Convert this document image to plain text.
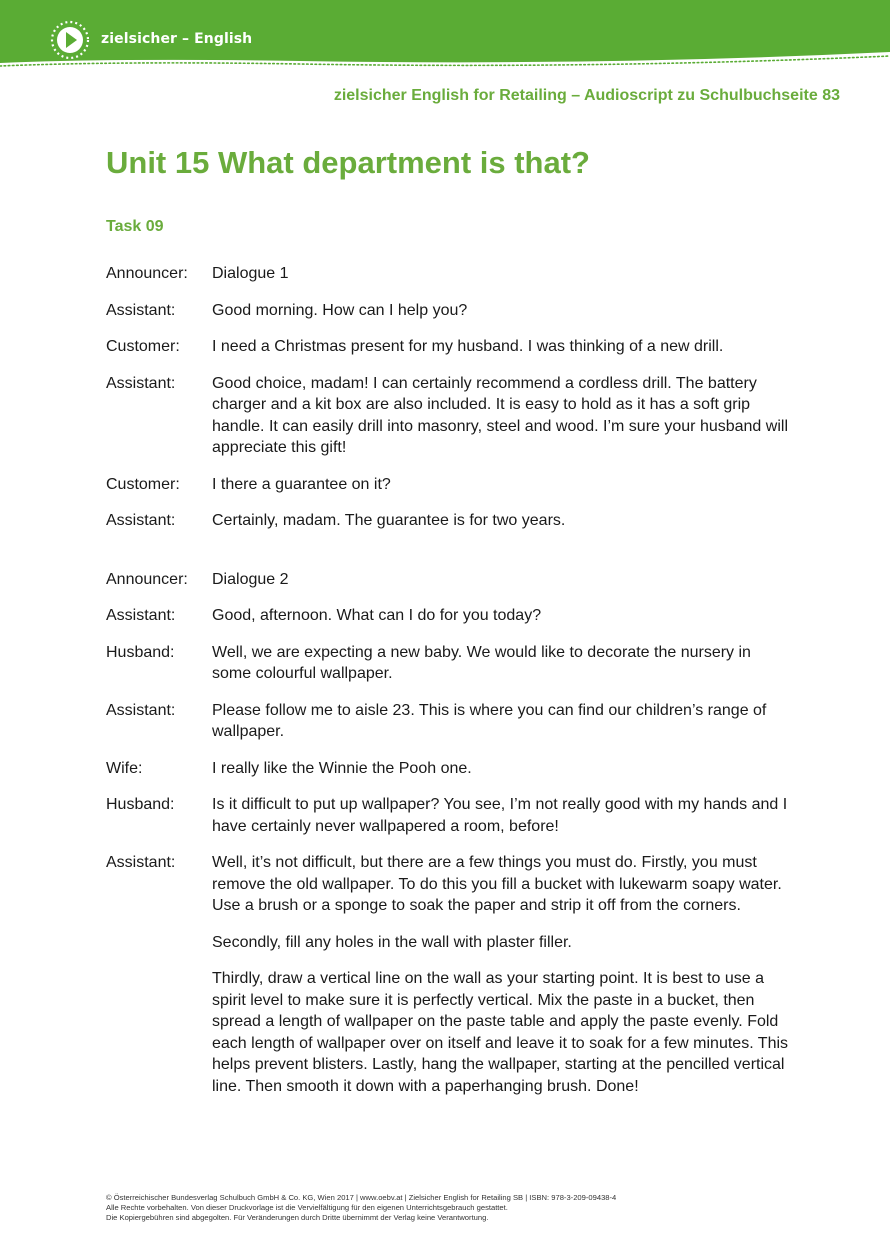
zielsicher – English
zielsicher English for Retailing – Audioscript zu Schulbuchseite 83
Unit 15 What department is that?
Task 09
Announcer:	Dialogue 1

Assistant:	Good morning. How can I help you?

Customer:	I need a Christmas present for my husband. I was thinking of a new drill.

Assistant:	Good choice, madam! I can certainly recommend a cordless drill. The battery charger and a kit box are also included. It is easy to hold as it has a soft grip handle. It can easily drill into masonry, steel and wood. I’m sure your husband will appreciate this gift!

Customer:	I there a guarantee on it?

Assistant:	Certainly, madam. The guarantee is for two years.

Announcer:	Dialogue 2

Assistant:	Good, afternoon. What can I do for you today?

Husband:	Well, we are expecting a new baby. We would like to decorate the nursery in some colourful wallpaper.

Assistant:	Please follow me to aisle 23. This is where you can find our children’s range of wallpaper.

Wife:	I really like the Winnie the Pooh one.

Husband:	Is it difficult to put up wallpaper? You see, I’m not really good with my hands and I have certainly never wallpapered a room, before!

Assistant:	Well, it’s not difficult, but there are a few things you must do. Firstly, you must remove the old wallpaper. To do this you fill a bucket with lukewarm soapy water. Use a brush or a sponge to soak the paper and strip it off from the corners.

Secondly, fill any holes in the wall with plaster filler.

Thirdly, draw a vertical line on the wall as your starting point. It is best to use a spirit level to make sure it is perfectly vertical. Mix the paste in a bucket, then spread a length of wallpaper on the paste table and apply the paste evenly. Fold each length of wallpaper over on itself and leave it to soak for a few minutes. This helps prevent blisters. Lastly, hang the wallpaper, starting at the pencilled vertical line. Then smooth it down with a paperhanging brush. Done!

© Österreichischer Bundesverlag Schulbuch GmbH & Co. KG, Wien 2017 | www.oebv.at | Zielsicher English for Retailing SB | ISBN: 978-3-209-09438-4
Alle Rechte vorbehalten. Von dieser Druckvorlage ist die Vervielfältigung für den eigenen Unterrichtsgebrauch gestattet.
Die Kopiergebühren sind abgegolten. Für Veränderungen durch Dritte übernimmt der Verlag keine Verantwortung.
